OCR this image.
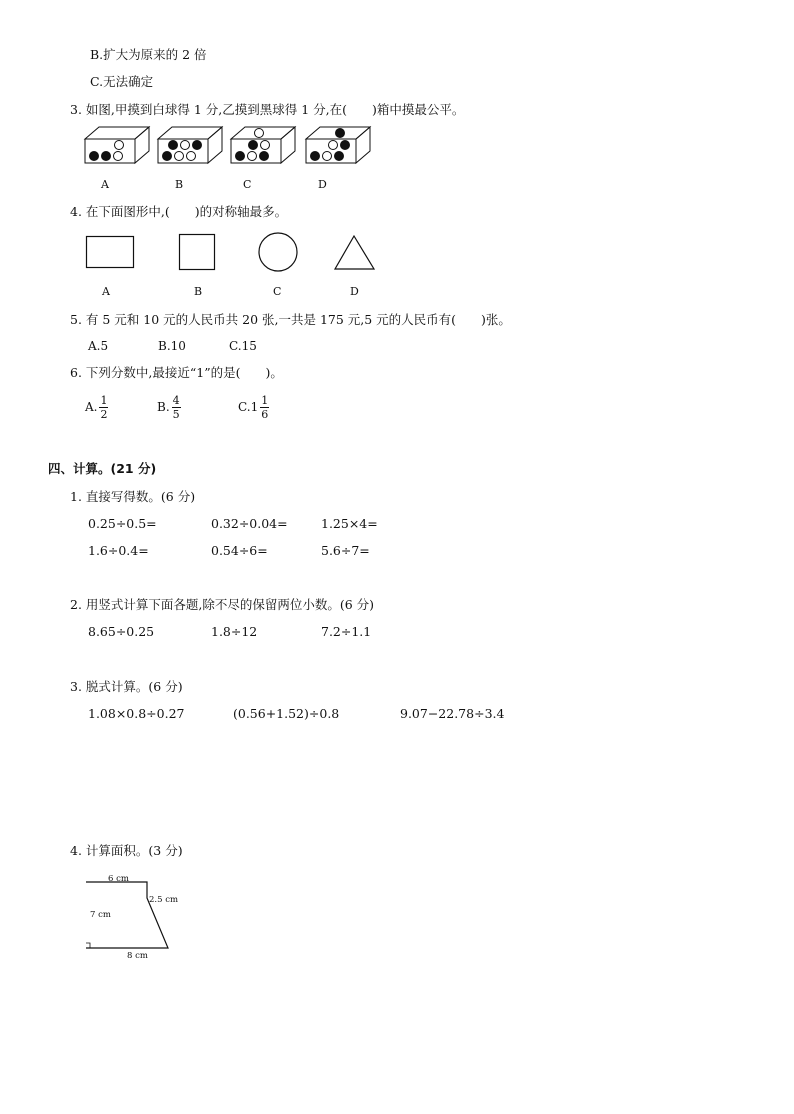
B.扩大为原来的 2 倍
C.无法确定
3. 如图,甲摸到白球得 1 分,乙摸到黑球得 1 分,在(　　)箱中摸最公平。
A	B	C	D
4. 在下面图形中,(　　)的对称轴最多。
A	B	C	D
5. 有 5 元和 10 元的人民币共 20 张,一共是 175 元,5 元的人民币有(　　)张。
A.5	B.10	C.15
6. 下列分数中,最接近“1”的是(　　)。
A. $\frac{1}{2}$	B. $\frac{4}{5}$	$C.1 \frac{1}{6}$
四、计算。(21 分)
1. 直接写得数。(6 分)
0.25÷0.5=	0.32÷0.04=	1.25×4=
1.6÷0.4=	0.54÷6=	5.6÷7=
2. 用竖式计算下面各题,除不尽的保留两位小数。(6 分)
8.65÷0.25	1.8÷12	7.2÷1.1
3. 脱式计算。(6 分)
1.08×0.8÷0.27	(0.56+1.52)÷0.8	9.07−22.78÷3.4
4. 计算面积。(3 分)
6 cm
2.5 cm
7 cm
8 cm
